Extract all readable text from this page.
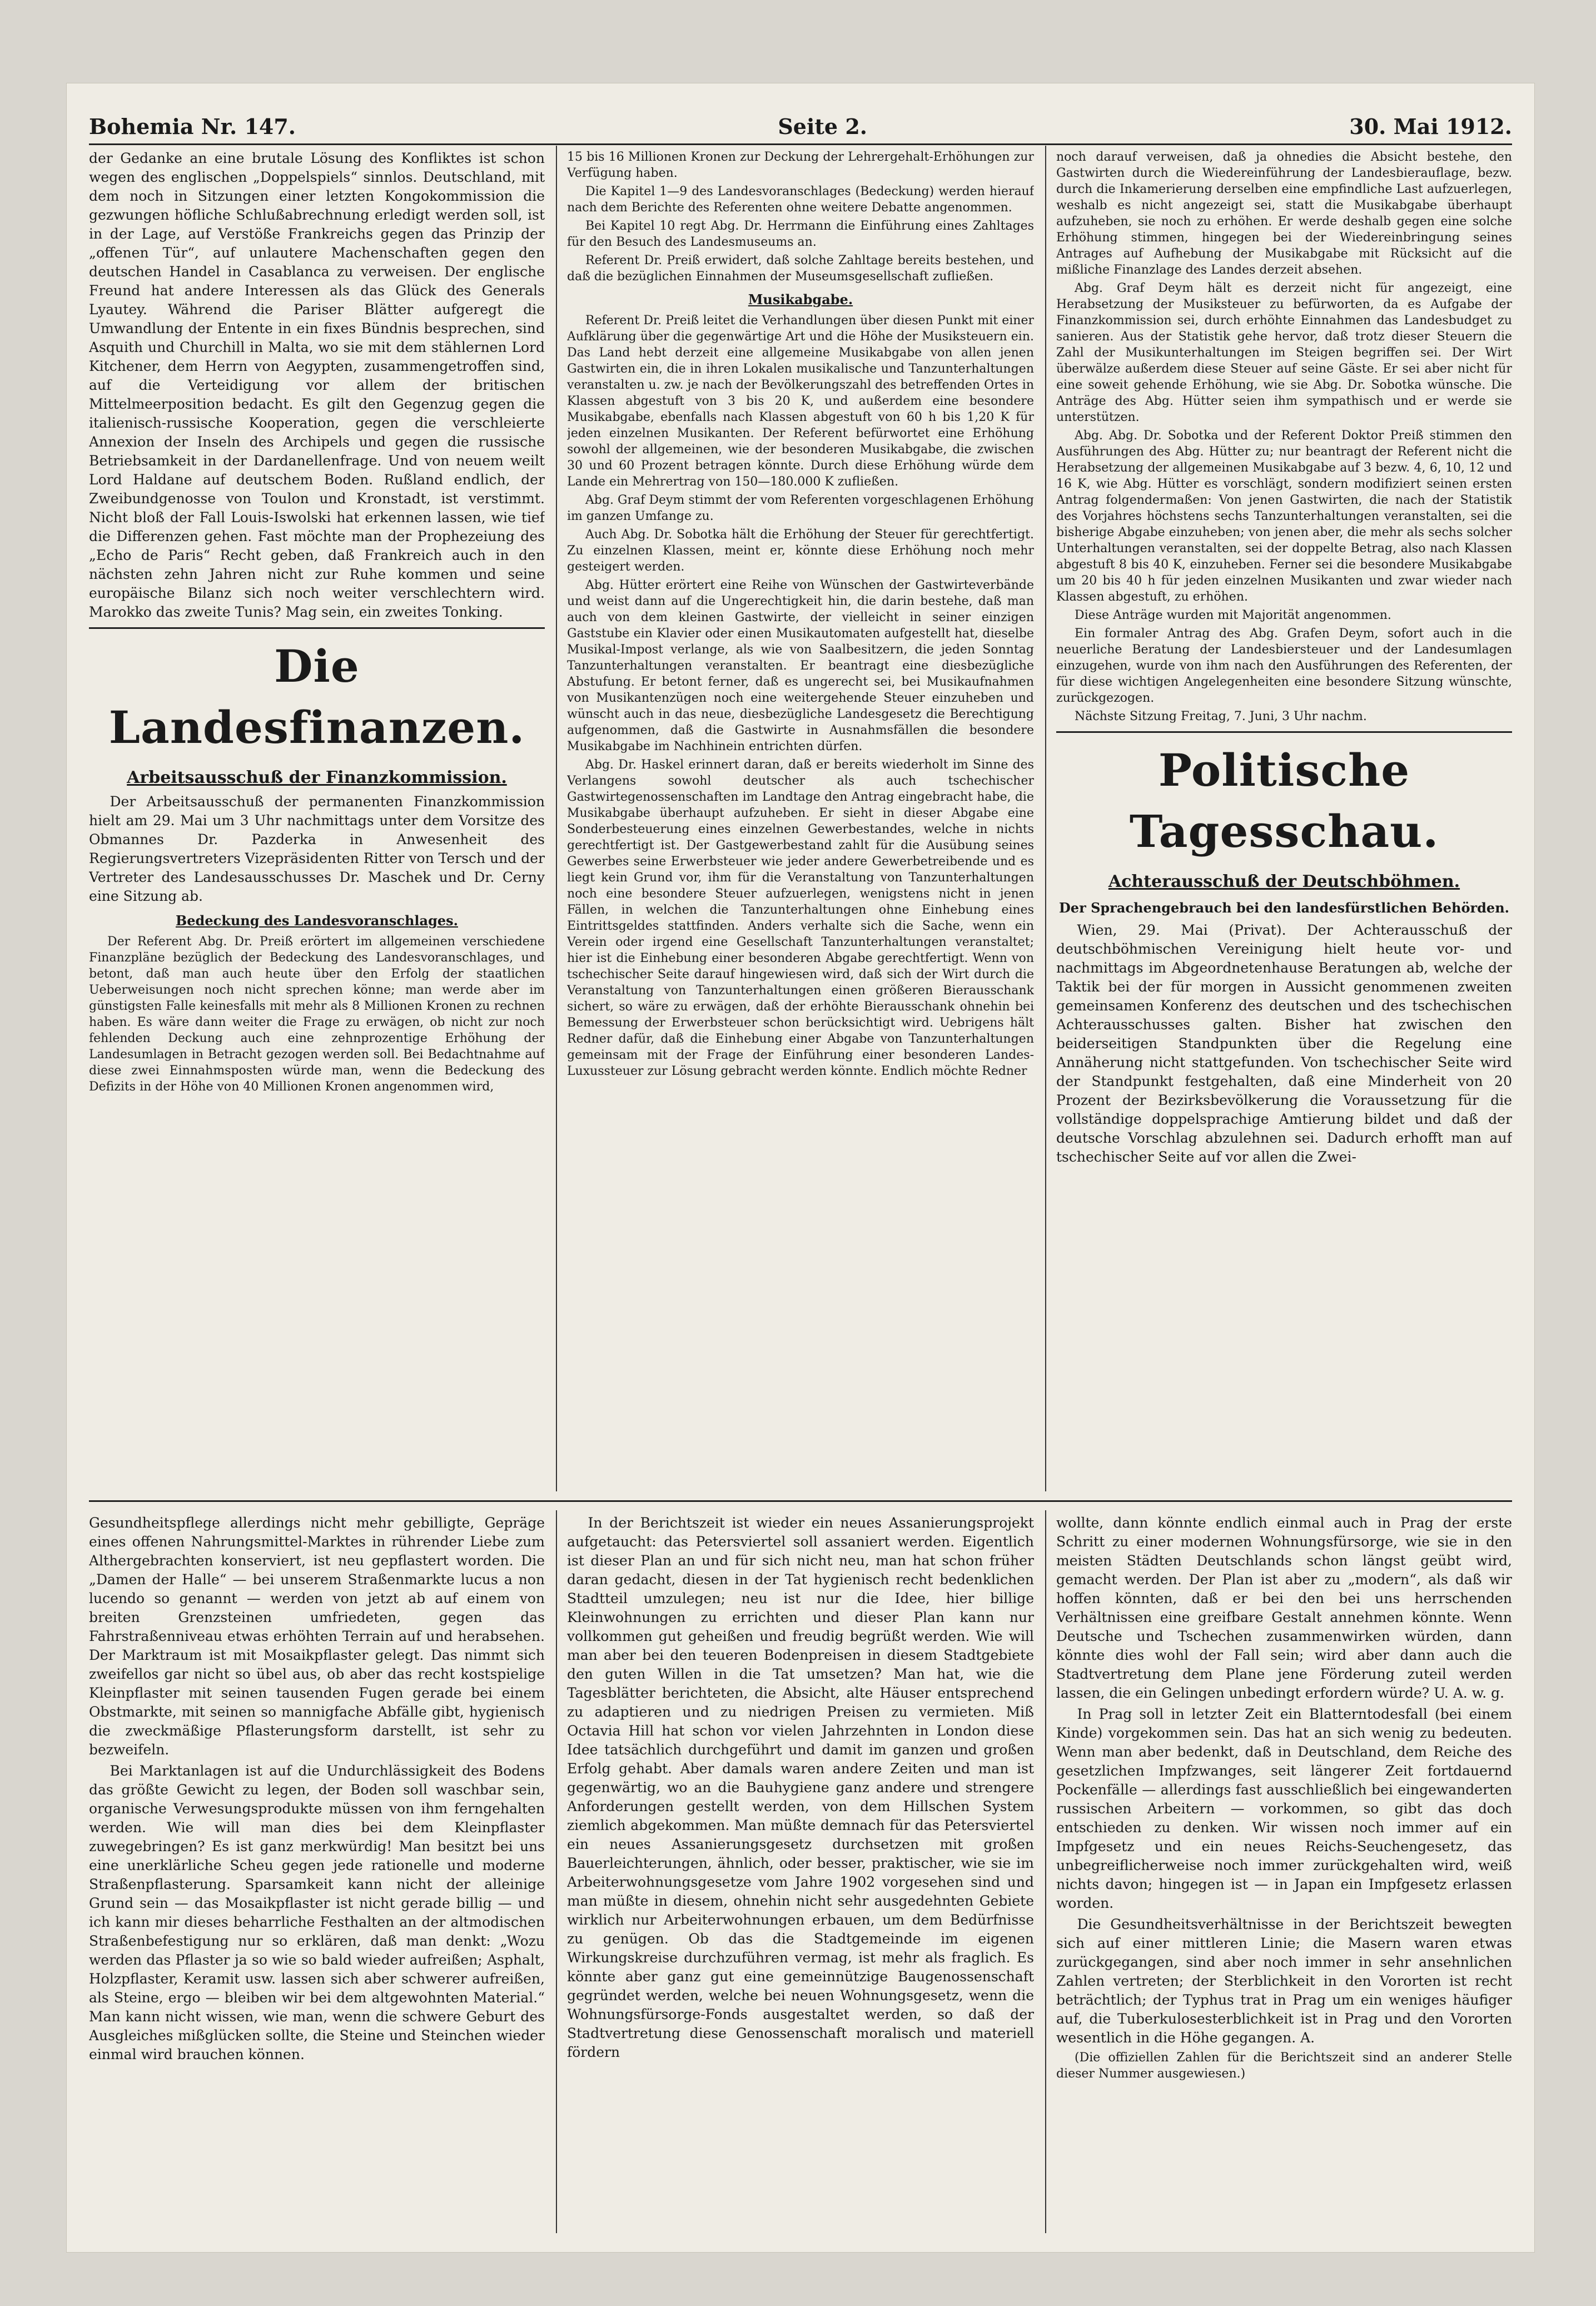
Bohemia Nr. 147.	Seite 2.	30. Mai 1912.

der Gedanke an eine brutale Lösung des Konfliktes ist schon wegen des englischen „Doppelspiels“ sinnlos. Deutschland, mit dem noch in Sitzungen einer letzten Kongokommission die gezwungen höfliche Schlußabrechnung erledigt werden soll, ist in der Lage, auf Verstöße Frankreichs gegen das Prinzip der „offenen Tür“, auf unlautere Machenschaften gegen den deutschen Handel in Casablanca zu verweisen. Der englische Freund hat andere Interessen als das Glück des Generals Lyautey. Während die Pariser Blätter aufgeregt die Umwandlung der Entente in ein fixes Bündnis besprechen, sind Asquith und Churchill in Malta, wo sie mit dem stählernen Lord Kitchener, dem Herrn von Aegypten, zusammengetroffen sind, auf die Verteidigung vor allem der britischen Mittelmeerposition bedacht. Es gilt den Gegenzug gegen die italienisch-russische Kooperation, gegen die verschleierte Annexion der Inseln des Archipels und gegen die russische Betriebsamkeit in der Dardanellenfrage. Und von neuem weilt Lord Haldane auf deutschem Boden. Rußland endlich, der Zweibundgenosse von Toulon und Kronstadt, ist verstimmt. Nicht bloß der Fall Louis-Iswolski hat erkennen lassen, wie tief die Differenzen gehen. Fast möchte man der Prophezeiung des „Echo de Paris“ Recht geben, daß Frankreich auch in den nächsten zehn Jahren nicht zur Ruhe kommen und seine europäische Bilanz sich noch weiter verschlechtern wird. Marokko das zweite Tunis? Mag sein, ein zweites Tonking.

Die Landesfinanzen.
Arbeitsausschuß der Finanzkommission.

Der Arbeitsausschuß der permanenten Finanzkommission hielt am 29. Mai um 3 Uhr nachmittags unter dem Vorsitze des Obmannes Dr. Pazderka in Anwesenheit des Regierungsvertreters Vizepräsidenten Ritter von Tersch und der Vertreter des Landesausschusses Dr. Maschek und Dr. Cerny eine Sitzung ab.

Bedeckung des Landesvoranschlages.

Der Referent Abg. Dr. Preiß erörtert im allgemeinen verschiedene Finanzpläne bezüglich der Bedeckung des Landesvoranschlages, und betont, daß man auch heute über den Erfolg der staatlichen Ueberweisungen noch nicht sprechen könne; man werde aber im günstigsten Falle keinesfalls mit mehr als 8 Millionen Kronen zu rechnen haben. Es wäre dann weiter die Frage zu erwägen, ob nicht zur noch fehlenden Deckung auch eine zehnprozentige Erhöhung der Landesumlagen in Betracht gezogen werden soll. Bei Bedachtnahme auf diese zwei Einnahmsposten würde man, wenn die Bedeckung des Defizits in der Höhe von 40 Millionen Kronen angenommen wird,

15 bis 16 Millionen Kronen zur Deckung der Lehrergehalt-Erhöhungen zur Verfügung haben.

Die Kapitel 1—9 des Landesvoranschlages (Bedeckung) werden hierauf nach dem Berichte des Referenten ohne weitere Debatte angenommen.

Bei Kapitel 10 regt Abg. Dr. Herrmann die Einführung eines Zahltages für den Besuch des Landesmuseums an.

Referent Dr. Preiß erwidert, daß solche Zahltage bereits bestehen, und daß die bezüglichen Einnahmen der Museumsgesellschaft zufließen.

Musikabgabe.

Referent Dr. Preiß leitet die Verhandlungen über diesen Punkt mit einer Aufklärung über die gegenwärtige Art und die Höhe der Musiksteuern ein. Das Land hebt derzeit eine allgemeine Musikabgabe von allen jenen Gastwirten ein, die in ihren Lokalen musikalische und Tanzunterhaltungen veranstalten u. zw. je nach der Bevölkerungszahl des betreffenden Ortes in Klassen abgestuft von 3 bis 20 K, und außerdem eine besondere Musikabgabe, ebenfalls nach Klassen abgestuft von 60 h bis 1,20 K für jeden einzelnen Musikanten. Der Referent befürwortet eine Erhöhung sowohl der allgemeinen, wie der besonderen Musikabgabe, die zwischen 30 und 60 Prozent betragen könnte. Durch diese Erhöhung würde dem Lande ein Mehrertrag von 150—180.000 K zufließen.

Abg. Graf Deym stimmt der vom Referenten vorgeschlagenen Erhöhung im ganzen Umfange zu.

Auch Abg. Dr. Sobotka hält die Erhöhung der Steuer für gerechtfertigt. Zu einzelnen Klassen, meint er, könnte diese Erhöhung noch mehr gesteigert werden.

Abg. Hütter erörtert eine Reihe von Wünschen der Gastwirteverbände und weist dann auf die Ungerechtigkeit hin, die darin bestehe, daß man auch von dem kleinen Gastwirte, der vielleicht in seiner einzigen Gaststube ein Klavier oder einen Musikautomaten aufgestellt hat, dieselbe Musikal-Impost verlange, als wie von Saalbesitzern, die jeden Sonntag Tanzunterhaltungen veranstalten. Er beantragt eine diesbezügliche Abstufung. Er betont ferner, daß es ungerecht sei, bei Musikaufnahmen von Musikantenzügen noch eine weitergehende Steuer einzuheben und wünscht auch in das neue, diesbezügliche Landesgesetz die Berechtigung aufgenommen, daß die Gastwirte in Ausnahmsfällen die besondere Musikabgabe im Nachhinein entrichten dürfen.

Abg. Dr. Haskel erinnert daran, daß er bereits wiederholt im Sinne des Verlangens sowohl deutscher als auch tschechischer Gastwirtegenossenschaften im Landtage den Antrag eingebracht habe, die Musikabgabe überhaupt aufzuheben. Er sieht in dieser Abgabe eine Sonderbesteuerung eines einzelnen Gewerbestandes, welche in nichts gerechtfertigt ist. Der Gastgewerbestand zahlt für die Ausübung seines Gewerbes seine Erwerbsteuer wie jeder andere Gewerbetreibende und es liegt kein Grund vor, ihm für die Veranstaltung von Tanzunterhaltungen noch eine besondere Steuer aufzuerlegen, wenigstens nicht in jenen Fällen, in welchen die Tanzunterhaltungen ohne Einhebung eines Eintrittsgeldes stattfinden. Anders verhalte sich die Sache, wenn ein Verein oder irgend eine Gesellschaft Tanzunterhaltungen veranstaltet; hier ist die Einhebung einer besonderen Abgabe gerechtfertigt. Wenn von tschechischer Seite darauf hingewiesen wird, daß sich der Wirt durch die Veranstaltung von Tanzunterhaltungen einen größeren Bierausschank sichert, so wäre zu erwägen, daß der erhöhte Bierausschank ohnehin bei Bemessung der Erwerbsteuer schon berücksichtigt wird. Uebrigens hält Redner dafür, daß die Einhebung einer Abgabe von Tanzunterhaltungen gemeinsam mit der Frage der Einführung einer besonderen Landes-Luxussteuer zur Lösung gebracht werden könnte. Endlich möchte Redner

noch darauf verweisen, daß ja ohnedies die Absicht bestehe, den Gastwirten durch die Wiedereinführung der Landesbierauflage, bezw. durch die Inkamerierung derselben eine empfindliche Last aufzuerlegen, weshalb es nicht angezeigt sei, statt die Musikabgabe überhaupt aufzuheben, sie noch zu erhöhen. Er werde deshalb gegen eine solche Erhöhung stimmen, hingegen bei der Wiedereinbringung seines Antrages auf Aufhebung der Musikabgabe mit Rücksicht auf die mißliche Finanzlage des Landes derzeit absehen.

Abg. Graf Deym hält es derzeit nicht für angezeigt, eine Herabsetzung der Musiksteuer zu befürworten, da es Aufgabe der Finanzkommission sei, durch erhöhte Einnahmen das Landesbudget zu sanieren. Aus der Statistik gehe hervor, daß trotz dieser Steuern die Zahl der Musikunterhaltungen im Steigen begriffen sei. Der Wirt überwälze außerdem diese Steuer auf seine Gäste. Er sei aber nicht für eine soweit gehende Erhöhung, wie sie Abg. Dr. Sobotka wünsche. Die Anträge des Abg. Hütter seien ihm sympathisch und er werde sie unterstützen.

Abg. Abg. Dr. Sobotka und der Referent Doktor Preiß stimmen den Ausführungen des Abg. Hütter zu; nur beantragt der Referent nicht die Herabsetzung der allgemeinen Musikabgabe auf 3 bezw. 4, 6, 10, 12 und 16 K, wie Abg. Hütter es vorschlägt, sondern modifiziert seinen ersten Antrag folgendermaßen: Von jenen Gastwirten, die nach der Statistik des Vorjahres höchstens sechs Tanzunterhaltungen veranstalten, sei die bisherige Abgabe einzuheben; von jenen aber, die mehr als sechs solcher Unterhaltungen veranstalten, sei der doppelte Betrag, also nach Klassen abgestuft 8 bis 40 K, einzuheben. Ferner sei die besondere Musikabgabe um 20 bis 40 h für jeden einzelnen Musikanten und zwar wieder nach Klassen abgestuft, zu erhöhen.

Diese Anträge wurden mit Majorität angenommen.

Ein formaler Antrag des Abg. Grafen Deym, sofort auch in die neuerliche Beratung der Landesbiersteuer und der Landesumlagen einzugehen, wurde von ihm nach den Ausführungen des Referenten, der für diese wichtigen Angelegenheiten eine besondere Sitzung wünschte, zurückgezogen.

Nächste Sitzung Freitag, 7. Juni, 3 Uhr nachm.

Politische Tagesschau.
Achterausschuß der Deutschböhmen.
Der Sprachengebrauch bei den landesfürstlichen Behörden.

Wien, 29. Mai (Privat). Der Achterausschuß der deutschböhmischen Vereinigung hielt heute vor- und nachmittags im Abgeordnetenhause Beratungen ab, welche der Taktik bei der für morgen in Aussicht genommenen zweiten gemeinsamen Konferenz des deutschen und des tschechischen Achterausschusses galten. Bisher hat zwischen den beiderseitigen Standpunkten über die Regelung eine Annäherung nicht stattgefunden. Von tschechischer Seite wird der Standpunkt festgehalten, daß eine Minderheit von 20 Prozent der Bezirksbevölkerung die Voraussetzung für die vollständige doppelsprachige Amtierung bildet und daß der deutsche Vorschlag abzulehnen sei. Dadurch erhofft man auf tschechischer Seite auf vor allen die Zwei-

Gesundheitspflege allerdings nicht mehr gebilligte, Gepräge eines offenen Nahrungsmittel-Marktes in rührender Liebe zum Althergebrachten konserviert, ist neu gepflastert worden. Die „Damen der Halle“ — bei unserem Straßenmarkte lucus a non lucendo so genannt — werden von jetzt ab auf einem von breiten Grenzsteinen umfriedeten, gegen das Fahrstraßenniveau etwas erhöhten Terrain auf und herabsehen. Der Marktraum ist mit Mosaikpflaster gelegt. Das nimmt sich zweifellos gar nicht so übel aus, ob aber das recht kostspielige Kleinpflaster mit seinen tausenden Fugen gerade bei einem Obstmarkte, mit seinen so mannigfache Abfälle gibt, hygienisch die zweckmäßige Pflasterungsform darstellt, ist sehr zu bezweifeln.

Bei Marktanlagen ist auf die Undurchlässigkeit des Bodens das größte Gewicht zu legen, der Boden soll waschbar sein, organische Verwesungsprodukte müssen von ihm ferngehalten werden. Wie will man dies bei dem Kleinpflaster zuwegebringen? Es ist ganz merkwürdig! Man besitzt bei uns eine unerklärliche Scheu gegen jede rationelle und moderne Straßenpflasterung. Sparsamkeit kann nicht der alleinige Grund sein — das Mosaikpflaster ist nicht gerade billig — und ich kann mir dieses beharrliche Festhalten an der altmodischen Straßenbefestigung nur so erklären, daß man denkt: „Wozu werden das Pflaster ja so wie so bald wieder aufreißen; Asphalt, Holzpflaster, Keramit usw. lassen sich aber schwerer aufreißen, als Steine, ergo — bleiben wir bei dem altgewohnten Material.“ Man kann nicht wissen, wie man, wenn die schwere Geburt des Ausgleiches mißglücken sollte, die Steine und Steinchen wieder einmal wird brauchen können.

In der Berichtszeit ist wieder ein neues Assanierungsprojekt aufgetaucht: das Petersviertel soll assaniert werden. Eigentlich ist dieser Plan an und für sich nicht neu, man hat schon früher daran gedacht, diesen in der Tat hygienisch recht bedenklichen Stadtteil umzulegen; neu ist nur die Idee, hier billige Kleinwohnungen zu errichten und dieser Plan kann nur vollkommen gut geheißen und freudig begrüßt werden. Wie will man aber bei den teueren Bodenpreisen in diesem Stadtgebiete den guten Willen in die Tat umsetzen? Man hat, wie die Tagesblätter berichteten, die Absicht, alte Häuser entsprechend zu adaptieren und zu niedrigen Preisen zu vermieten. Miß Octavia Hill hat schon vor vielen Jahrzehnten in London diese Idee tatsächlich durchgeführt und damit im ganzen und großen Erfolg gehabt. Aber damals waren andere Zeiten und man ist gegenwärtig, wo an die Bauhygiene ganz andere und strengere Anforderungen gestellt werden, von dem Hillschen System ziemlich abgekommen. Man müßte demnach für das Petersviertel ein neues Assanierungsgesetz durchsetzen mit großen Bauerleichterungen, ähnlich, oder besser, praktischer, wie sie im Arbeiterwohnungsgesetze vom Jahre 1902 vorgesehen sind und man müßte in diesem, ohnehin nicht sehr ausgedehnten Gebiete wirklich nur Arbeiterwohnungen erbauen, um dem Bedürfnisse zu genügen. Ob das die Stadtgemeinde im eigenen Wirkungskreise durchzuführen vermag, ist mehr als fraglich. Es könnte aber ganz gut eine gemeinnützige Baugenossenschaft gegründet werden, welche bei neuen Wohnungsgesetz, wenn die Wohnungsfürsorge-Fonds ausgestaltet werden, so daß der Stadtvertretung diese Genossenschaft moralisch und materiell fördern

wollte, dann könnte endlich einmal auch in Prag der erste Schritt zu einer modernen Wohnungsfürsorge, wie sie in den meisten Städten Deutschlands schon längst geübt wird, gemacht werden. Der Plan ist aber zu „modern“, als daß wir hoffen könnten, daß er bei den bei uns herrschenden Verhältnissen eine greifbare Gestalt annehmen könnte. Wenn Deutsche und Tschechen zusammenwirken würden, dann könnte dies wohl der Fall sein; wird aber dann auch die Stadtvertretung dem Plane jene Förderung zuteil werden lassen, die ein Gelingen unbedingt erfordern würde? U. A. w. g.

In Prag soll in letzter Zeit ein Blatterntodesfall (bei einem Kinde) vorgekommen sein. Das hat an sich wenig zu bedeuten. Wenn man aber bedenkt, daß in Deutschland, dem Reiche des gesetzlichen Impfzwanges, seit längerer Zeit fortdauernd Pockenfälle — allerdings fast ausschließlich bei eingewanderten russischen Arbeitern — vorkommen, so gibt das doch entschieden zu denken. Wir wissen noch immer auf ein Impfgesetz und ein neues Reichs-Seuchengesetz, das unbegreiflicherweise noch immer zurückgehalten wird, weiß nichts davon; hingegen ist — in Japan ein Impfgesetz erlassen worden.

Die Gesundheitsverhältnisse in der Berichtszeit bewegten sich auf einer mittleren Linie; die Masern waren etwas zurückgegangen, sind aber noch immer in sehr ansehnlichen Zahlen vertreten; der Sterblichkeit in den Vororten ist recht beträchtlich; der Typhus trat in Prag um ein weniges häufiger auf, die Tuberkulosesterblichkeit ist in Prag und den Vororten wesentlich in die Höhe gegangen. A.

(Die offiziellen Zahlen für die Berichtszeit sind an anderer Stelle dieser Nummer ausgewiesen.)
